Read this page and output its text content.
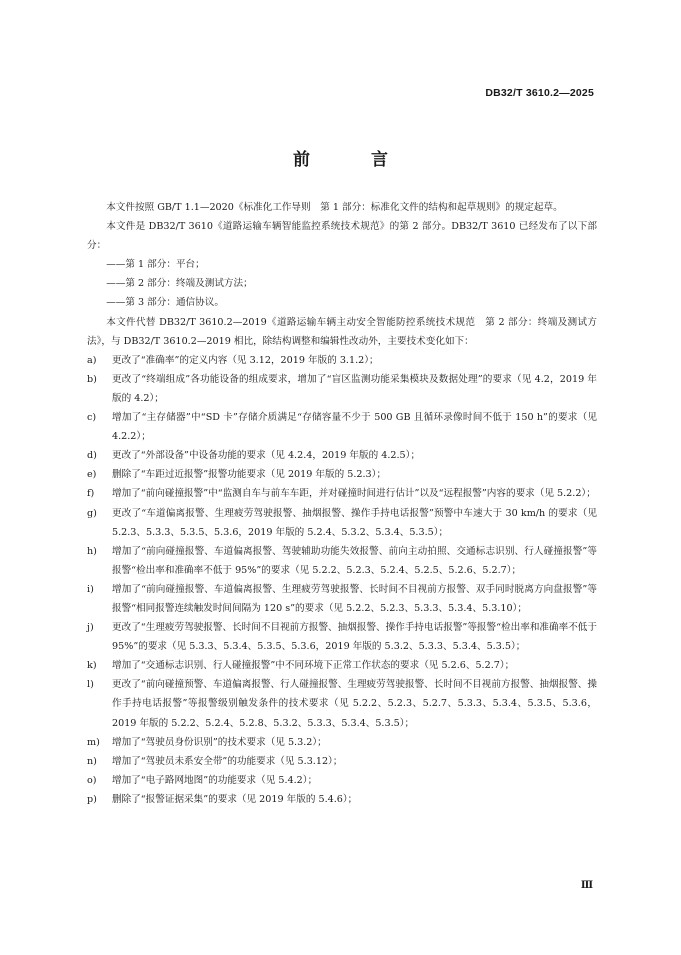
DB32/T 3610.2—2025
前　言

本文件按照 GB/T 1.1—2020《标准化工作导则　第 1 部分：标准化文件的结构和起草规则》的规定起草。

本文件是 DB32/T 3610《道路运输车辆智能监控系统技术规范》的第 2 部分。DB32/T 3610 已经发布了以下部分：

——第 1 部分：平台；

——第 2 部分：终端及测试方法；

——第 3 部分：通信协议。

本文件代替 DB32/T 3610.2—2019《道路运输车辆主动安全智能防控系统技术规范　第 2 部分：终端及测试方法》，与 DB32/T 3610.2—2019 相比，除结构调整和编辑性改动外，主要技术变化如下：

a) 更改了“准确率”的定义内容（见 3.12，2019 年版的 3.1.2）；

b) 更改了“终端组成”各功能设备的组成要求，增加了“盲区监测功能采集模块及数据处理”的要求（见 4.2，2019 年版的 4.2）；

c) 增加了“主存储器”中“SD 卡”存储介质满足“存储容量不少于 500 GB 且循环录像时间不低于 150 h”的要求（见 4.2.2）；

d) 更改了“外部设备”中设备功能的要求（见 4.2.4，2019 年版的 4.2.5）；

e) 删除了“车距过近报警”报警功能要求（见 2019 年版的 5.2.3）；

f) 增加了“前向碰撞报警”中“监测自车与前车车距，并对碰撞时间进行估计”以及“远程报警”内容的要求（见 5.2.2）；

g) 更改了“车道偏离报警、生理疲劳驾驶报警、抽烟报警、操作手持电话报警”预警中车速大于 30 km/h 的要求（见 5.2.3、5.3.3、5.3.5、5.3.6，2019 年版的 5.2.4、5.3.2、5.3.4、5.3.5）；

h) 增加了“前向碰撞报警、车道偏离报警、驾驶辅助功能失效报警、前向主动拍照、交通标志识别、行人碰撞报警”等报警“检出率和准确率不低于 95%”的要求（见 5.2.2、5.2.3、5.2.4、5.2.5、5.2.6、5.2.7）；

i) 增加了“前向碰撞报警、车道偏离报警、生理疲劳驾驶报警、长时间不目视前方报警、双手同时脱离方向盘报警”等报警“相同报警连续触发时间间隔为 120 s”的要求（见 5.2.2、5.2.3、5.3.3、5.3.4、5.3.10）；

j) 更改了“生理疲劳驾驶报警、长时间不目视前方报警、抽烟报警、操作手持电话报警”等报警“检出率和准确率不低于 95%”的要求（见 5.3.3、5.3.4、5.3.5、5.3.6，2019 年版的 5.3.2、5.3.3、5.3.4、5.3.5）；

k) 增加了“交通标志识别、行人碰撞报警”中不同环境下正常工作状态的要求（见 5.2.6、5.2.7）；

l) 更改了“前向碰撞预警、车道偏离报警、行人碰撞报警、生理疲劳驾驶报警、长时间不目视前方报警、抽烟报警、操作手持电话报警”等报警级别触发条件的技术要求（见 5.2.2、5.2.3、5.2.7、5.3.3、5.3.4、5.3.5、5.3.6，2019 年版的 5.2.2、5.2.4、5.2.8、5.3.2、5.3.3、5.3.4、5.3.5）；

m) 增加了“驾驶员身份识别”的技术要求（见 5.3.2）；

n) 增加了“驾驶员未系安全带”的功能要求（见 5.3.12）；

o) 增加了“电子路网地图”的功能要求（见 5.4.2）；

p) 删除了“报警证据采集”的要求（见 2019 年版的 5.4.6）；

Ⅲ
